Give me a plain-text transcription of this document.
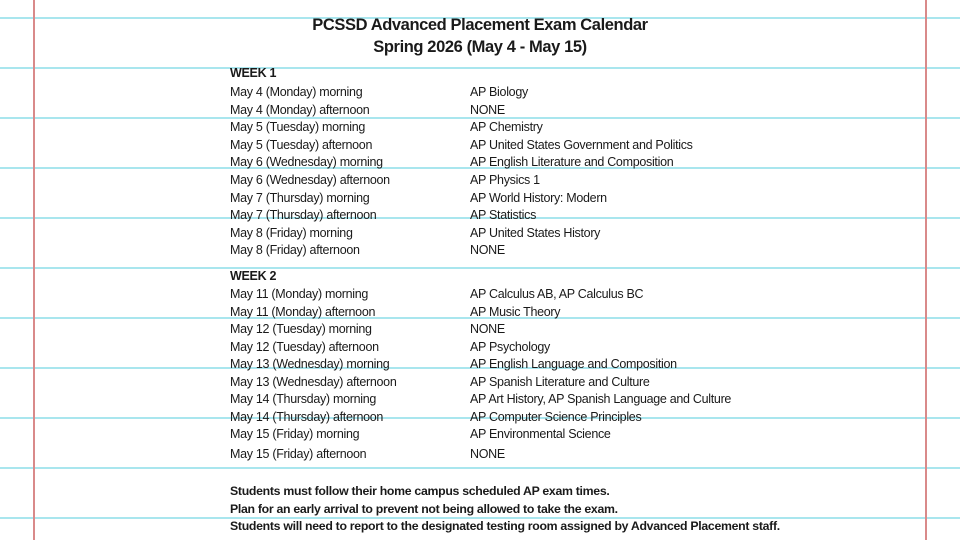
PCSSD Advanced Placement Exam Calendar
Spring 2026 (May 4 - May 15)
WEEK 1
May 4 (Monday) morning	AP Biology
May 4 (Monday) afternoon	NONE
May 5 (Tuesday) morning	AP Chemistry
May 5 (Tuesday) afternoon	AP United States Government and Politics
May 6 (Wednesday) morning	AP English Literature and Composition
May 6 (Wednesday) afternoon	AP Physics 1
May 7 (Thursday) morning	AP World History: Modern
May 7 (Thursday) afternoon	AP Statistics
May 8 (Friday) morning	AP United States History
May 8 (Friday) afternoon	NONE
WEEK 2
May 11 (Monday) morning	AP Calculus AB, AP Calculus BC
May 11 (Monday) afternoon	AP Music Theory
May 12 (Tuesday) morning	NONE
May 12 (Tuesday) afternoon	AP Psychology
May 13 (Wednesday) morning	AP English Language and Composition
May 13 (Wednesday) afternoon	AP Spanish Literature and Culture
May 14 (Thursday) morning	AP Art History, AP Spanish Language and Culture
May 14 (Thursday) afternoon	AP Computer Science Principles
May 15 (Friday) morning	AP Environmental Science
May 15 (Friday) afternoon	NONE
Students must follow their home campus scheduled AP exam times.
Plan for an early arrival to prevent not being allowed to take the exam.
Students will need to report to the designated testing room assigned by Advanced Placement staff.
